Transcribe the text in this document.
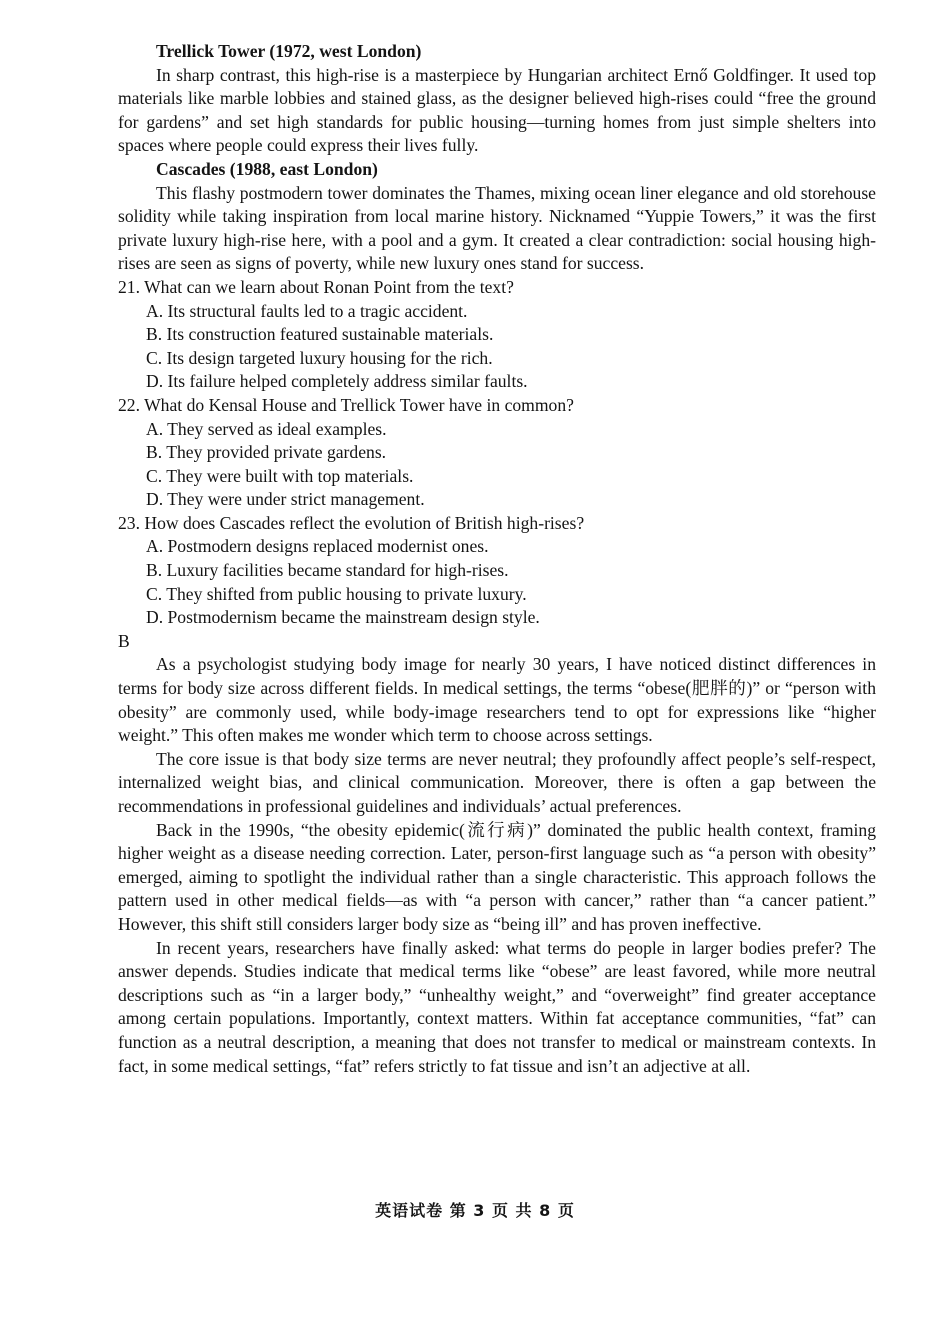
Trellick Tower (1972, west London)

In sharp contrast, this high-rise is a masterpiece by Hungarian architect Ernő Goldfinger. It used top materials like marble lobbies and stained glass, as the designer believed high-rises could “free the ground for gardens” and set high standards for public housing—turning homes from just simple shelters into spaces where people could express their lives fully.

Cascades (1988, east London)

This flashy postmodern tower dominates the Thames, mixing ocean liner elegance and old storehouse solidity while taking inspiration from local marine history. Nicknamed “Yuppie Towers,” it was the first private luxury high-rise here, with a pool and a gym. It created a clear contradiction: social housing high-rises are seen as signs of poverty, while new luxury ones stand for success.

21. What can we learn about Ronan Point from the text?

A. Its structural faults led to a tragic accident.

B. Its construction featured sustainable materials.

C. Its design targeted luxury housing for the rich.

D. Its failure helped completely address similar faults.

22. What do Kensal House and Trellick Tower have in common?

A. They served as ideal examples.

B. They provided private gardens.

C. They were built with top materials.

D. They were under strict management.

23. How does Cascades reflect the evolution of British high-rises?

A. Postmodern designs replaced modernist ones.

B. Luxury facilities became standard for high-rises.

C. They shifted from public housing to private luxury.

D. Postmodernism became the mainstream design style.

B

As a psychologist studying body image for nearly 30 years, I have noticed distinct differences in terms for body size across different fields. In medical settings, the terms “obese(肥胖的)” or “person with obesity” are commonly used, while body-image researchers tend to opt for expressions like “higher weight.” This often makes me wonder which term to choose across settings.

The core issue is that body size terms are never neutral; they profoundly affect people’s self-respect, internalized weight bias, and clinical communication. Moreover, there is often a gap between the recommendations in professional guidelines and individuals’ actual preferences.

Back in the 1990s, “the obesity epidemic(流行病)” dominated the public health context, framing higher weight as a disease needing correction. Later, person-first language such as “a person with obesity” emerged, aiming to spotlight the individual rather than a single characteristic. This approach follows the pattern used in other medical fields—as with “a person with cancer,” rather than “a cancer patient.” However, this shift still considers larger body size as “being ill” and has proven ineffective.

In recent years, researchers have finally asked: what terms do people in larger bodies prefer? The answer depends. Studies indicate that medical terms like “obese” are least favored, while more neutral descriptions such as “in a larger body,” “unhealthy weight,” and “overweight” find greater acceptance among certain populations. Importantly, context matters. Within fat acceptance communities, “fat” can function as a neutral description, a meaning that does not transfer to medical or mainstream contexts. In fact, in some medical settings, “fat” refers strictly to fat tissue and isn’t an adjective at all.

英语试卷 第 3 页 共 8 页
